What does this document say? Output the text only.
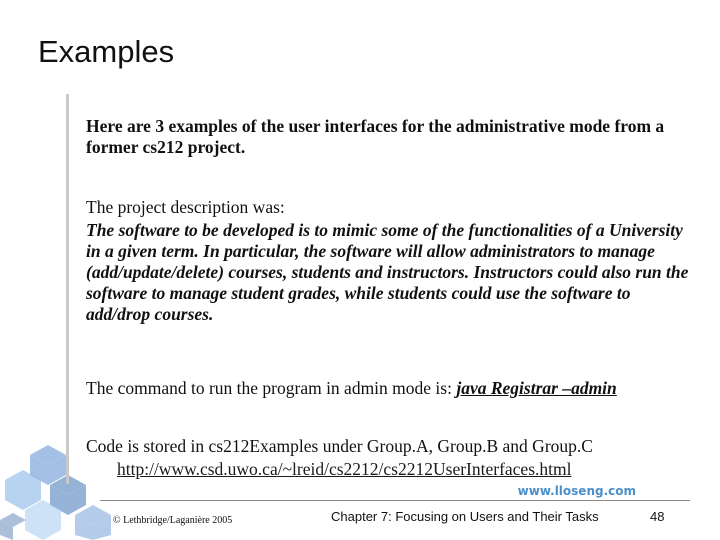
Examples
Here are 3 examples of the user interfaces for the administrative mode from a former cs212 project.
The project description was:
The software to be developed is to mimic some of the functionalities of a University in a given term. In particular, the software will allow administrators to manage (add/update/delete) courses, students and instructors. Instructors could also run the software to manage student grades, while students could use the software to add/drop courses.
The command to run the program in admin mode is: java Registrar –admin
Code is stored in cs212Examples under Group.A, Group.B and Group.C
http://www.csd.uwo.ca/~lreid/cs2212/cs2212UserInterfaces.html
www.lloseng.com
© Lethbridge/Laganière 2005	Chapter 7: Focusing on Users and Their Tasks	48
